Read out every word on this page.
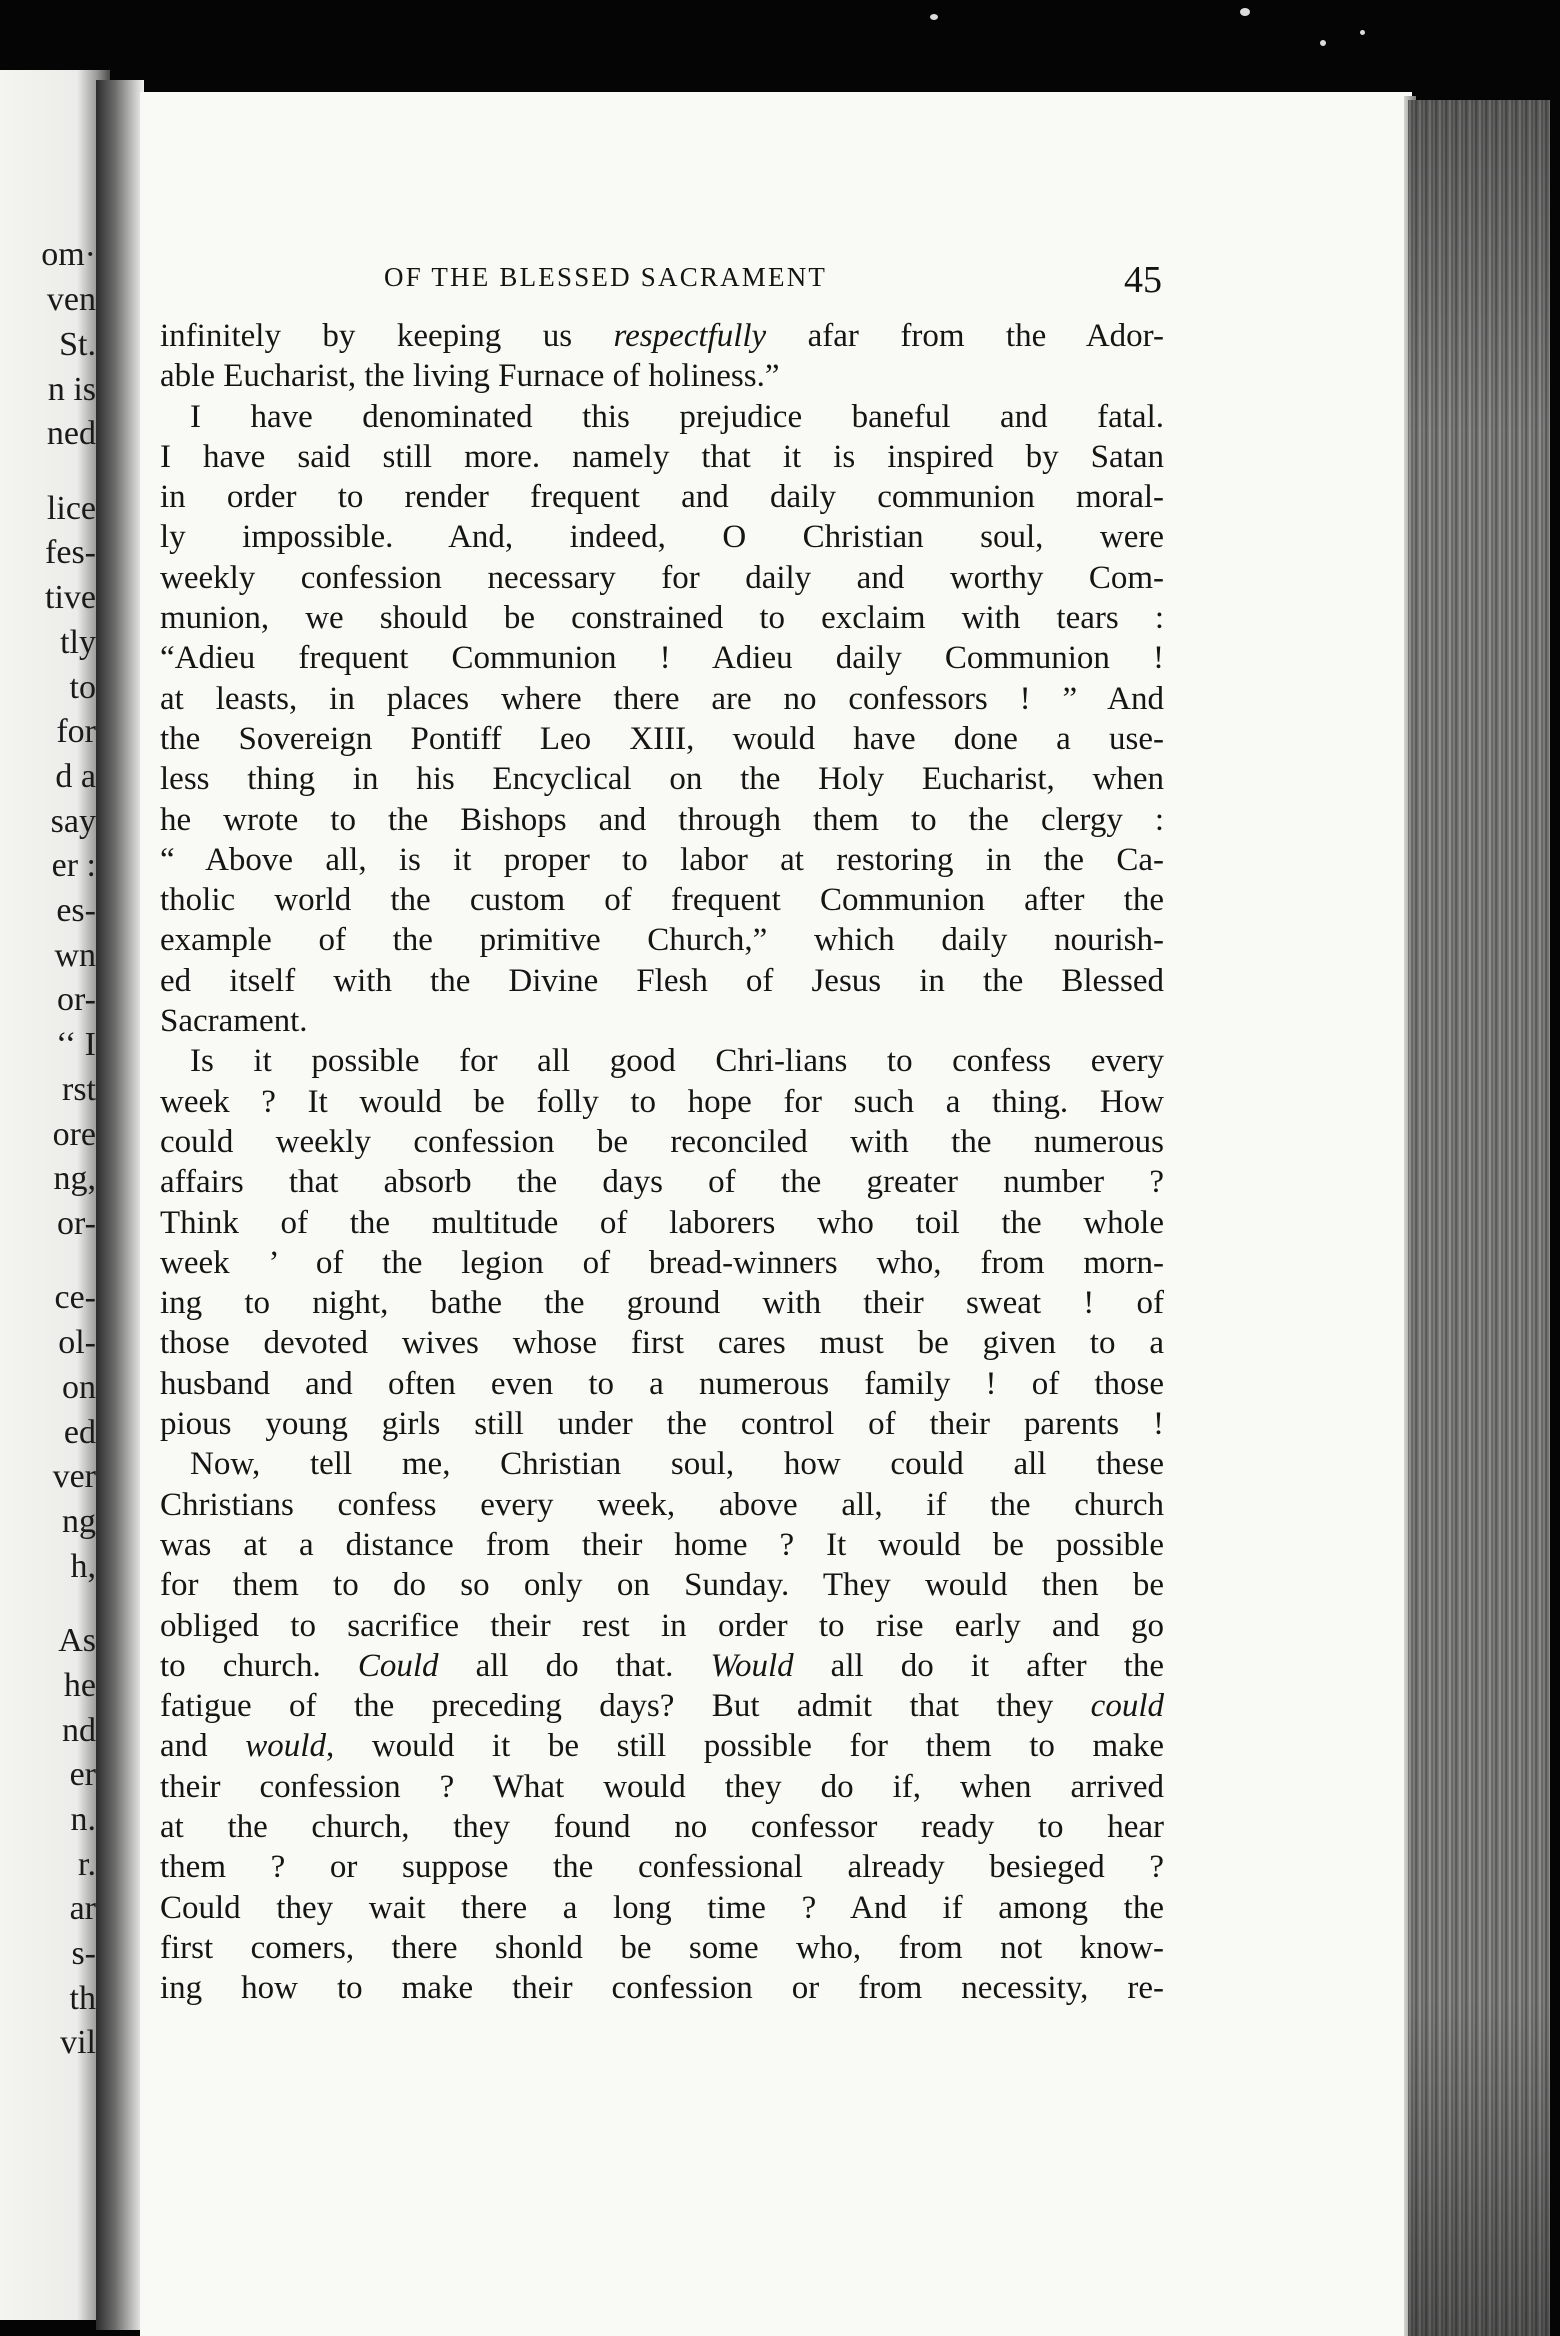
om·
ven
St.
n is
ned
lice
fes-
tive
tly
to
for
d a
say
er :
es-
wn
or-
‘‘ I
rst
ore
ng,
or-
ce-
ol-
on
ed
ver
ng
h,
As
he
nd
er
n.
r.
ar
s-
th
vil
OF THE BLESSED SACRAMENT	45
infinitely by keeping us respectfully afar from the Ador-
able Eucharist, the living Furnace of holiness.”
I have denominated this prejudice baneful and fatal.
I have said still more. namely that it is inspired by Satan
in order to render frequent and daily communion moral-
ly impossible. And, indeed, O Christian soul, were
weekly confession necessary for daily and worthy Com-
munion, we should be constrained to exclaim with tears :
“Adieu frequent Communion ! Adieu daily Communion !
at leasts, in places where there are no confessors ! ” And
the Sovereign Pontiff Leo XIII, would have done a use-
less thing in his Encyclical on the Holy Eucharist, when
he wrote to the Bishops and through them to the clergy :
“ Above all, is it proper to labor at restoring in the Ca-
tholic world the custom of frequent Communion after the
example of the primitive Church,” which daily nourish-
ed itself with the Divine Flesh of Jesus in the Blessed
Sacrament.
Is it possible for all good Chri-lians to confess every
week ? It would be folly to hope for such a thing. How
could weekly confession be reconciled with the numerous
affairs that absorb the days of the greater number ?
Think of the multitude of laborers who toil the whole
week ’ of the legion of bread-winners who, from morn-
ing to night, bathe the ground with their sweat ! of
those devoted wives whose first cares must be given to a
husband and often even to a numerous family ! of those
pious young girls still under the control of their parents !
Now, tell me, Christian soul, how could all these
Christians confess every week, above all, if the church
was at a distance from their home ? It would be possible
for them to do so only on Sunday. They would then be
obliged to sacrifice their rest in order to rise early and go
to church. Could all do that. Would all do it after the
fatigue of the preceding days? But admit that they could
and would, would it be still possible for them to make
their confession ? What would they do if, when arrived
at the church, they found no confessor ready to hear
them ? or suppose the confessional already besieged ?
Could they wait there a long time ? And if among the
first comers, there shonld be some who, from not know-
ing how to make their confession or from necessity, re-
